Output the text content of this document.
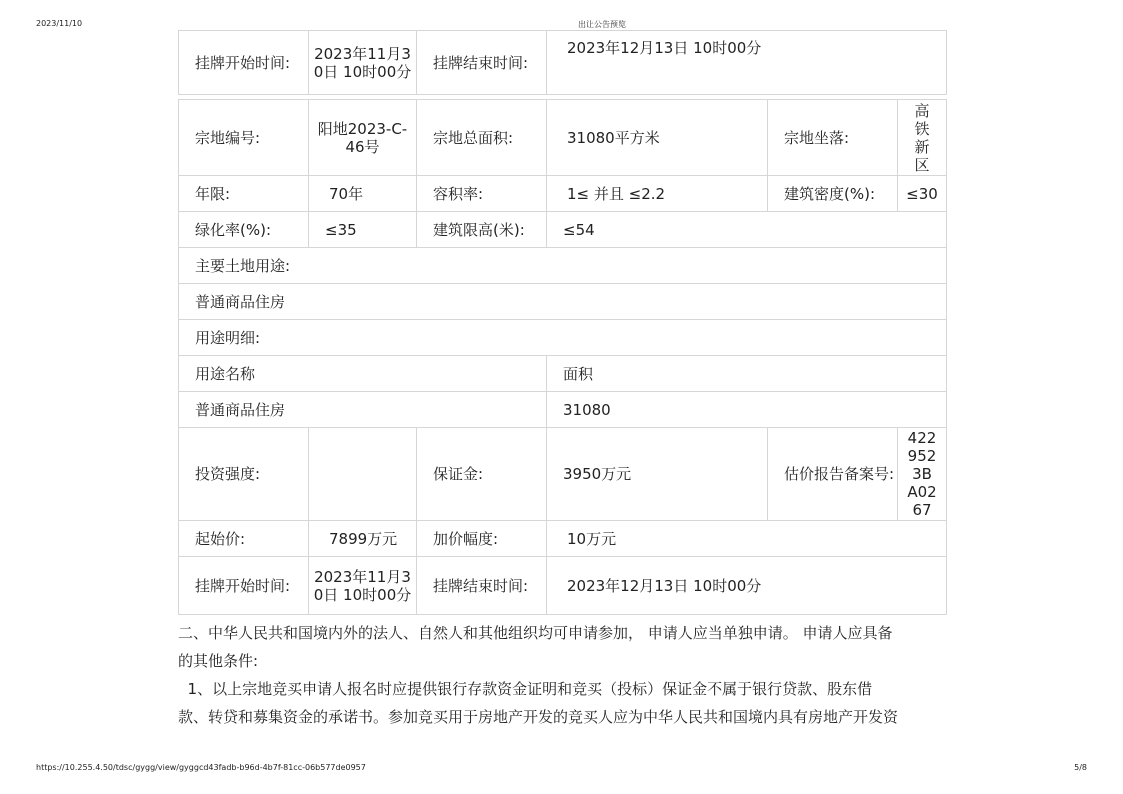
2023/11/10	出让公告预览
挂牌开始时间:	2023年11月30日 10时00分	挂牌结束时间:	2023年12月13日 10时00分
宗地编号:	阳地2023-C-46号	宗地总面积:	31080平方米	宗地坐落:	高铁新区

年限:	70年	容积率:	1≤ 并且 ≤2.2	建筑密度(%):	≤30
绿化率(%):	≤35	建筑限高(米):	≤54		
主要土地用途:					
普通商品住房					
用途明细:					
用途名称			面积		
普通商品住房			31080		
投资强度:		保证金:	3950万元	估价报告备案号:	4229523BA0267

起始价:	7899万元	加价幅度:	10万元		
挂牌开始时间:	2023年11月30日 10时00分	挂牌结束时间:	2023年12月13日 10时00分		
二、中华人民共和国境内外的法人、自然人和其他组织均可申请参加， 申请人应当单独申请。 申请人应具备
的其他条件:
1、以上宗地竞买申请人报名时应提供银行存款资金证明和竞买（投标）保证金不属于银行贷款、股东借
款、转贷和募集资金的承诺书。参加竞买用于房地产开发的竞买人应为中华人民共和国境内具有房地产开发资
https://10.255.4.50/tdsc/gygg/view/gyggcd43fadb-b96d-4b7f-81cc-06b577de0957	5/8
